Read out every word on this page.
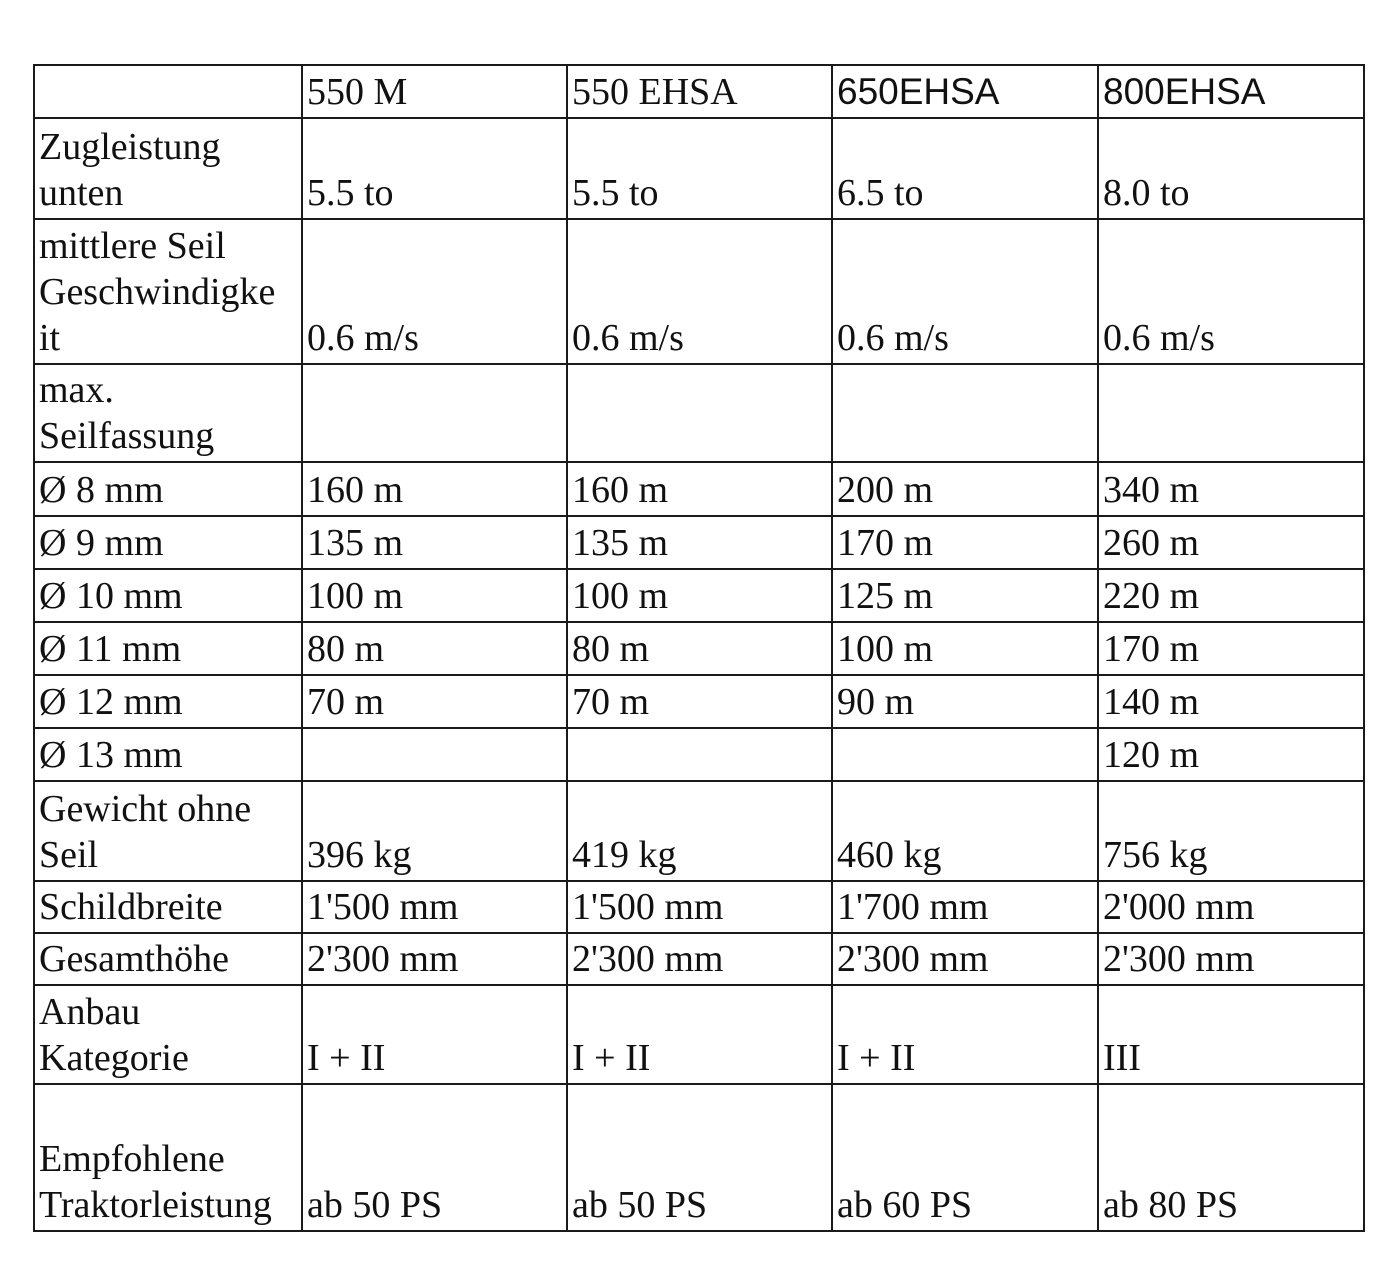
	550 M	550 EHSA	650EHSA	800EHSA

Zugleistung
unten	5.5 to	5.5 to	6.5 to	8.0 to

mittlere Seil
Geschwindigke
it	0.6 m/s	0.6 m/s	0.6 m/s	0.6 m/s

max.
Seilfassung				

Ø 8 mm	160 m	160 m	200 m	340 m
Ø 9 mm	135 m	135 m	170 m	260 m
Ø 10 mm	100 m	100 m	125 m	220 m
Ø 11 mm	80 m	80 m	100 m	170 m
Ø 12 mm	70 m	70 m	90 m	140 m
Ø 13 mm				120 m

Gewicht ohne
Seil	396 kg	419 kg	460 kg	756 kg
Schildbreite	1'500 mm	1'500 mm	1'700 mm	2'000 mm
Gesamthöhe	2'300 mm	2'300 mm	2'300 mm	2'300 mm

Anbau
Kategorie	I + II	I + II	I + II	III

Empfohlene
Traktorleistung	ab 50 PS	ab 50 PS	ab 60 PS	ab 80 PS
